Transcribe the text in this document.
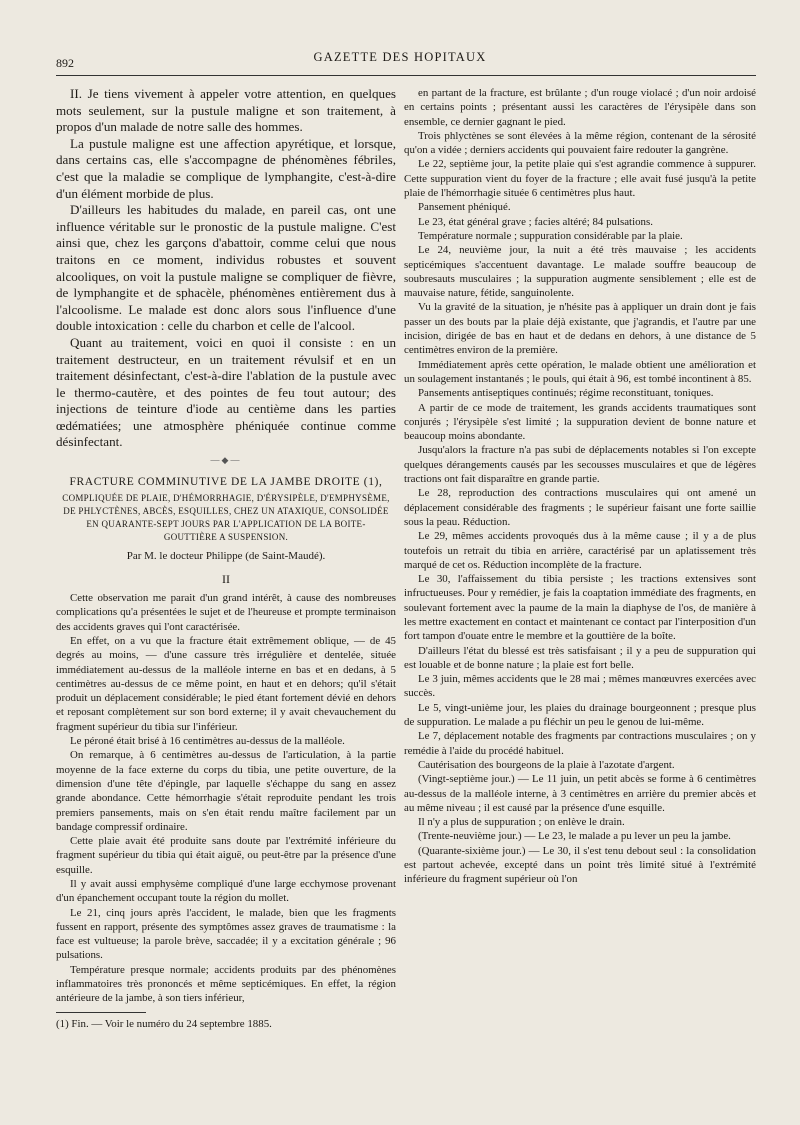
892	GAZETTE DES HOPITAUX

II. Je tiens vivement à appeler votre attention, en quelques mots seulement, sur la pustule maligne et son traitement, à propos d'un malade de notre salle des hommes.

La pustule maligne est une affection apyrétique, et lorsque, dans certains cas, elle s'accompagne de phénomènes fébriles, c'est que la maladie se complique de lymphangite, c'est-à-dire d'un élément morbide de plus.

D'ailleurs les habitudes du malade, en pareil cas, ont une influence véritable sur le pronostic de la pustule maligne. C'est ainsi que, chez les garçons d'abattoir, comme celui que nous traitons en ce moment, individus robustes et souvent alcooliques, on voit la pustule maligne se compliquer de fièvre, de lymphangite et de sphacèle, phénomènes entièrement dus à l'alcoolisme. Le malade est donc alors sous l'influence d'une double intoxication : celle du charbon et celle de l'alcool.

Quant au traitement, voici en quoi il consiste : en un traitement destructeur, en un traitement révulsif et en un traitement désinfectant, c'est-à-dire l'ablation de la pustule avec le thermo-cautère, et des pointes de feu tout autour; des injections de teinture d'iode au centième dans les parties œdématiées; une atmosphère phéniquée continue comme désinfectant.

—◆—
FRACTURE COMMINUTIVE DE LA JAMBE DROITE (1),
COMPLIQUÉE DE PLAIE, D'HÉMORRHAGIE, D'ÉRYSIPÈLE, D'EMPHYSÈME, DE PHLYCTÈNES, ABCÈS, ESQUILLES, CHEZ UN ATAXIQUE, CONSOLIDÉE EN QUARANTE-SEPT JOURS PAR L'APPLICATION DE LA BOITE-GOUTTIÈRE A SUSPENSION.
Par M. le docteur Philippe (de Saint-Maudé).
II

Cette observation me parait d'un grand intérêt, à cause des nombreuses complications qu'a présentées le sujet et de l'heureuse et prompte terminaison des accidents graves qui l'ont caractérisée.

En effet, on a vu que la fracture était extrêmement oblique, — de 45 degrés au moins, — d'une cassure très irrégulière et dentelée, située immédiatement au-dessus de la malléole interne en bas et en dedans, à 5 centimètres au-dessus de ce même point, en haut et en dehors; qu'il s'était produit un déplacement considérable; le pied étant fortement dévié en dehors et reposant complètement sur son bord externe; il y avait chevauchement du fragment supérieur du tibia sur l'inférieur.

Le péroné était brisé à 16 centimètres au-dessus de la malléole.

On remarque, à 6 centimètres au-dessus de l'articulation, à la partie moyenne de la face externe du corps du tibia, une petite ouverture, de la dimension d'une tête d'épingle, par laquelle s'échappe du sang en assez grande abondance. Cette hémorrhagie s'était reproduite pendant les trois premiers pansements, mais on s'en était rendu maître facilement par un bandage compressif ordinaire.

Cette plaie avait été produite sans doute par l'extrémité inférieure du fragment supérieur du tibia qui était aiguë, ou peut-être par la présence d'une esquille.

Il y avait aussi emphysème compliqué d'une large ecchymose provenant d'un épanchement occupant toute la région du mollet.

Le 21, cinq jours après l'accident, le malade, bien que les fragments fussent en rapport, présente des symptômes assez graves de traumatisme : la face est vultueuse; la parole brève, saccadée; il y a excitation générale ; 96 pulsations.

Température presque normale; accidents produits par des phénomènes inflammatoires très prononcés et même septicémiques. En effet, la région antérieure de la jambe, à son tiers inférieur,

(1) Fin. — Voir le numéro du 24 septembre 1885.

en partant de la fracture, est brûlante ; d'un rouge violacé ; d'un noir ardoisé en certains points ; présentant aussi les caractères de l'érysipèle dans son ensemble, ce dernier gagnant le pied.

Trois phlyctènes se sont élevées à la même région, contenant de la sérosité qu'on a vidée ; derniers accidents qui pouvaient faire redouter la gangrène.

Le 22, septième jour, la petite plaie qui s'est agrandie commence à suppurer. Cette suppuration vient du foyer de la fracture ; elle avait fusé jusqu'à la petite plaie de l'hémorrhagie située 6 centimètres plus haut.

Pansement phéniqué.

Le 23, état général grave ; facies altéré; 84 pulsations.

Température normale ; suppuration considérable par la plaie.

Le 24, neuvième jour, la nuit a été très mauvaise ; les accidents septicémiques s'accentuent davantage. Le malade souffre beaucoup de soubresauts musculaires ; la suppuration augmente sensiblement ; elle est de mauvaise nature, fétide, sanguinolente.

Vu la gravité de la situation, je n'hésite pas à appliquer un drain dont je fais passer un des bouts par la plaie déjà existante, que j'agrandis, et l'autre par une incision, dirigée de bas en haut et de dedans en dehors, à une distance de 5 centimètres environ de la première.

Immédiatement après cette opération, le malade obtient une amélioration et un soulagement instantanés ; le pouls, qui était à 96, est tombé incontinent à 85.

Pansements antiseptiques continués; régime reconstituant, toniques.

A partir de ce mode de traitement, les grands accidents traumatiques sont conjurés ; l'érysipèle s'est limité ; la suppuration devient de bonne nature et beaucoup moins abondante.

Jusqu'alors la fracture n'a pas subi de déplacements notables si l'on excepte quelques dérangements causés par les secousses musculaires et que de légères tractions ont fait disparaître en grande partie.

Le 28, reproduction des contractions musculaires qui ont amené un déplacement considérable des fragments ; le supérieur faisant une forte saillie sous la peau. Réduction.

Le 29, mêmes accidents provoqués dus à la même cause ; il y a de plus toutefois un retrait du tibia en arrière, caractérisé par un aplatissement très marqué de cet os. Réduction incomplète de la fracture.

Le 30, l'affaissement du tibia persiste ; les tractions extensives sont infructueuses. Pour y remédier, je fais la coaptation immédiate des fragments, en soulevant fortement avec la paume de la main la diaphyse de l'os, de manière à les mettre exactement en contact et maintenant ce contact par l'interposition d'un fort tampon d'ouate entre le membre et la gouttière de la boîte.

D'ailleurs l'état du blessé est très satisfaisant ; il y a peu de suppuration qui est louable et de bonne nature ; la plaie est fort belle.

Le 3 juin, mêmes accidents que le 28 mai ; mêmes manœuvres exercées avec succès.

Le 5, vingt-unième jour, les plaies du drainage bourgeonnent ; presque plus de suppuration. Le malade a pu fléchir un peu le genou de lui-même.

Le 7, déplacement notable des fragments par contractions musculaires ; on y remédie à l'aide du procédé habituel.

Cautérisation des bourgeons de la plaie à l'azotate d'argent.

(Vingt-septième jour.) — Le 11 juin, un petit abcès se forme à 6 centimètres au-dessus de la malléole interne, à 3 centimètres en arrière du premier abcès et au même niveau ; il est causé par la présence d'une esquille.

Il n'y a plus de suppuration ; on enlève le drain.

(Trente-neuvième jour.) — Le 23, le malade a pu lever un peu la jambe.

(Quarante-sixième jour.) — Le 30, il s'est tenu debout seul : la consolidation est partout achevée, excepté dans un point très limité situé à l'extrémité inférieure du fragment supérieur où l'on
